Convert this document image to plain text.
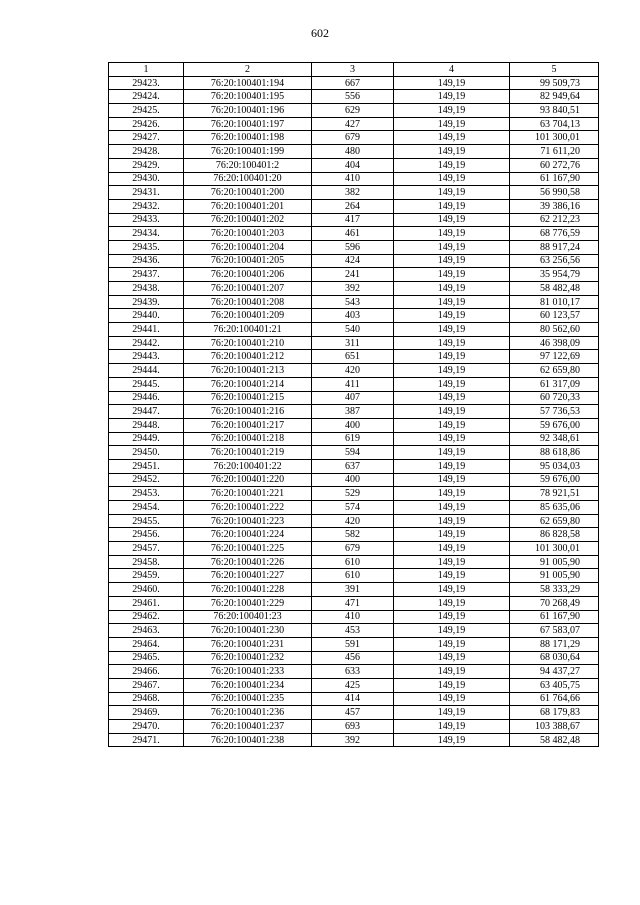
602
1	2	3	4	5
29423.	76:20:100401:194	667	149,19	99 509,73
29424.	76:20:100401:195	556	149,19	82 949,64
29425.	76:20:100401:196	629	149,19	93 840,51
29426.	76:20:100401:197	427	149,19	63 704,13
29427.	76:20:100401:198	679	149,19	101 300,01
29428.	76:20:100401:199	480	149,19	71 611,20
29429.	76:20:100401:2	404	149,19	60 272,76
29430.	76:20:100401:20	410	149,19	61 167,90
29431.	76:20:100401:200	382	149,19	56 990,58
29432.	76:20:100401:201	264	149,19	39 386,16
29433.	76:20:100401:202	417	149,19	62 212,23
29434.	76:20:100401:203	461	149,19	68 776,59
29435.	76:20:100401:204	596	149,19	88 917,24
29436.	76:20:100401:205	424	149,19	63 256,56
29437.	76:20:100401:206	241	149,19	35 954,79
29438.	76:20:100401:207	392	149,19	58 482,48
29439.	76:20:100401:208	543	149,19	81 010,17
29440.	76:20:100401:209	403	149,19	60 123,57
29441.	76:20:100401:21	540	149,19	80 562,60
29442.	76:20:100401:210	311	149,19	46 398,09
29443.	76:20:100401:212	651	149,19	97 122,69
29444.	76:20:100401:213	420	149,19	62 659,80
29445.	76:20:100401:214	411	149,19	61 317,09
29446.	76:20:100401:215	407	149,19	60 720,33
29447.	76:20:100401:216	387	149,19	57 736,53
29448.	76:20:100401:217	400	149,19	59 676,00
29449.	76:20:100401:218	619	149,19	92 348,61
29450.	76:20:100401:219	594	149,19	88 618,86
29451.	76:20:100401:22	637	149,19	95 034,03
29452.	76:20:100401:220	400	149,19	59 676,00
29453.	76:20:100401:221	529	149,19	78 921,51
29454.	76:20:100401:222	574	149,19	85 635,06
29455.	76:20:100401:223	420	149,19	62 659,80
29456.	76:20:100401:224	582	149,19	86 828,58
29457.	76:20:100401:225	679	149,19	101 300,01
29458.	76:20:100401:226	610	149,19	91 005,90
29459.	76:20:100401:227	610	149,19	91 005,90
29460.	76:20:100401:228	391	149,19	58 333,29
29461.	76:20:100401:229	471	149,19	70 268,49
29462.	76:20:100401:23	410	149,19	61 167,90
29463.	76:20:100401:230	453	149,19	67 583,07
29464.	76:20:100401:231	591	149,19	88 171,29
29465.	76:20:100401:232	456	149,19	68 030,64
29466.	76:20:100401:233	633	149,19	94 437,27
29467.	76:20:100401:234	425	149,19	63 405,75
29468.	76:20:100401:235	414	149,19	61 764,66
29469.	76:20:100401:236	457	149,19	68 179,83
29470.	76:20:100401:237	693	149,19	103 388,67
29471.	76:20:100401:238	392	149,19	58 482,48
